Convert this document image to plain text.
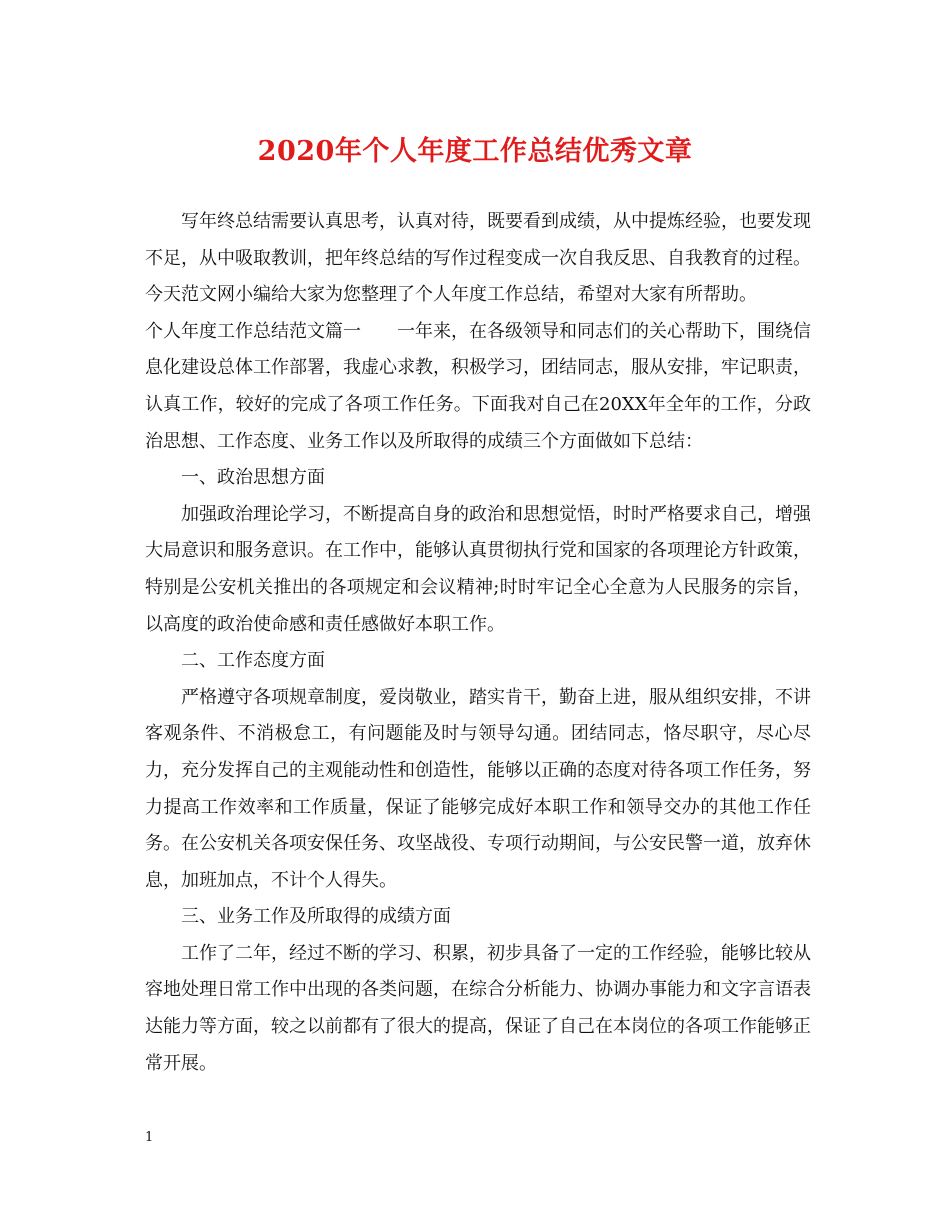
2020年个人年度工作总结优秀文章

写年终总结需要认真思考，认真对待，既要看到成绩，从中提炼经验，也要发现不足，从中吸取教训，把年终总结的写作过程变成一次自我反思、自我教育的过程。今天范文网小编给大家为您整理了个人年度工作总结，希望对大家有所帮助。

个人年度工作总结范文篇一　　一年来，在各级领导和同志们的关心帮助下，围绕信息化建设总体工作部署，我虚心求教，积极学习，团结同志，服从安排，牢记职责，认真工作，较好的完成了各项工作任务。下面我对自己在20XX年全年的工作，分政治思想、工作态度、业务工作以及所取得的成绩三个方面做如下总结：

一、政治思想方面

加强政治理论学习，不断提高自身的政治和思想觉悟，时时严格要求自己，增强大局意识和服务意识。在工作中，能够认真贯彻执行党和国家的各项理论方针政策，特别是公安机关推出的各项规定和会议精神;时时牢记全心全意为人民服务的宗旨，以高度的政治使命感和责任感做好本职工作。

二、工作态度方面

严格遵守各项规章制度，爱岗敬业，踏实肯干，勤奋上进，服从组织安排，不讲客观条件、不消极怠工，有问题能及时与领导勾通。团结同志，恪尽职守，尽心尽力，充分发挥自己的主观能动性和创造性，能够以正确的态度对待各项工作任务，努力提高工作效率和工作质量，保证了能够完成好本职工作和领导交办的其他工作任务。在公安机关各项安保任务、攻坚战役、专项行动期间，与公安民警一道，放弃休息，加班加点，不计个人得失。

三、业务工作及所取得的成绩方面

工作了二年，经过不断的学习、积累，初步具备了一定的工作经验，能够比较从容地处理日常工作中出现的各类问题，在综合分析能力、协调办事能力和文字言语表达能力等方面，较之以前都有了很大的提高，保证了自己在本岗位的各项工作能够正常开展。

1
